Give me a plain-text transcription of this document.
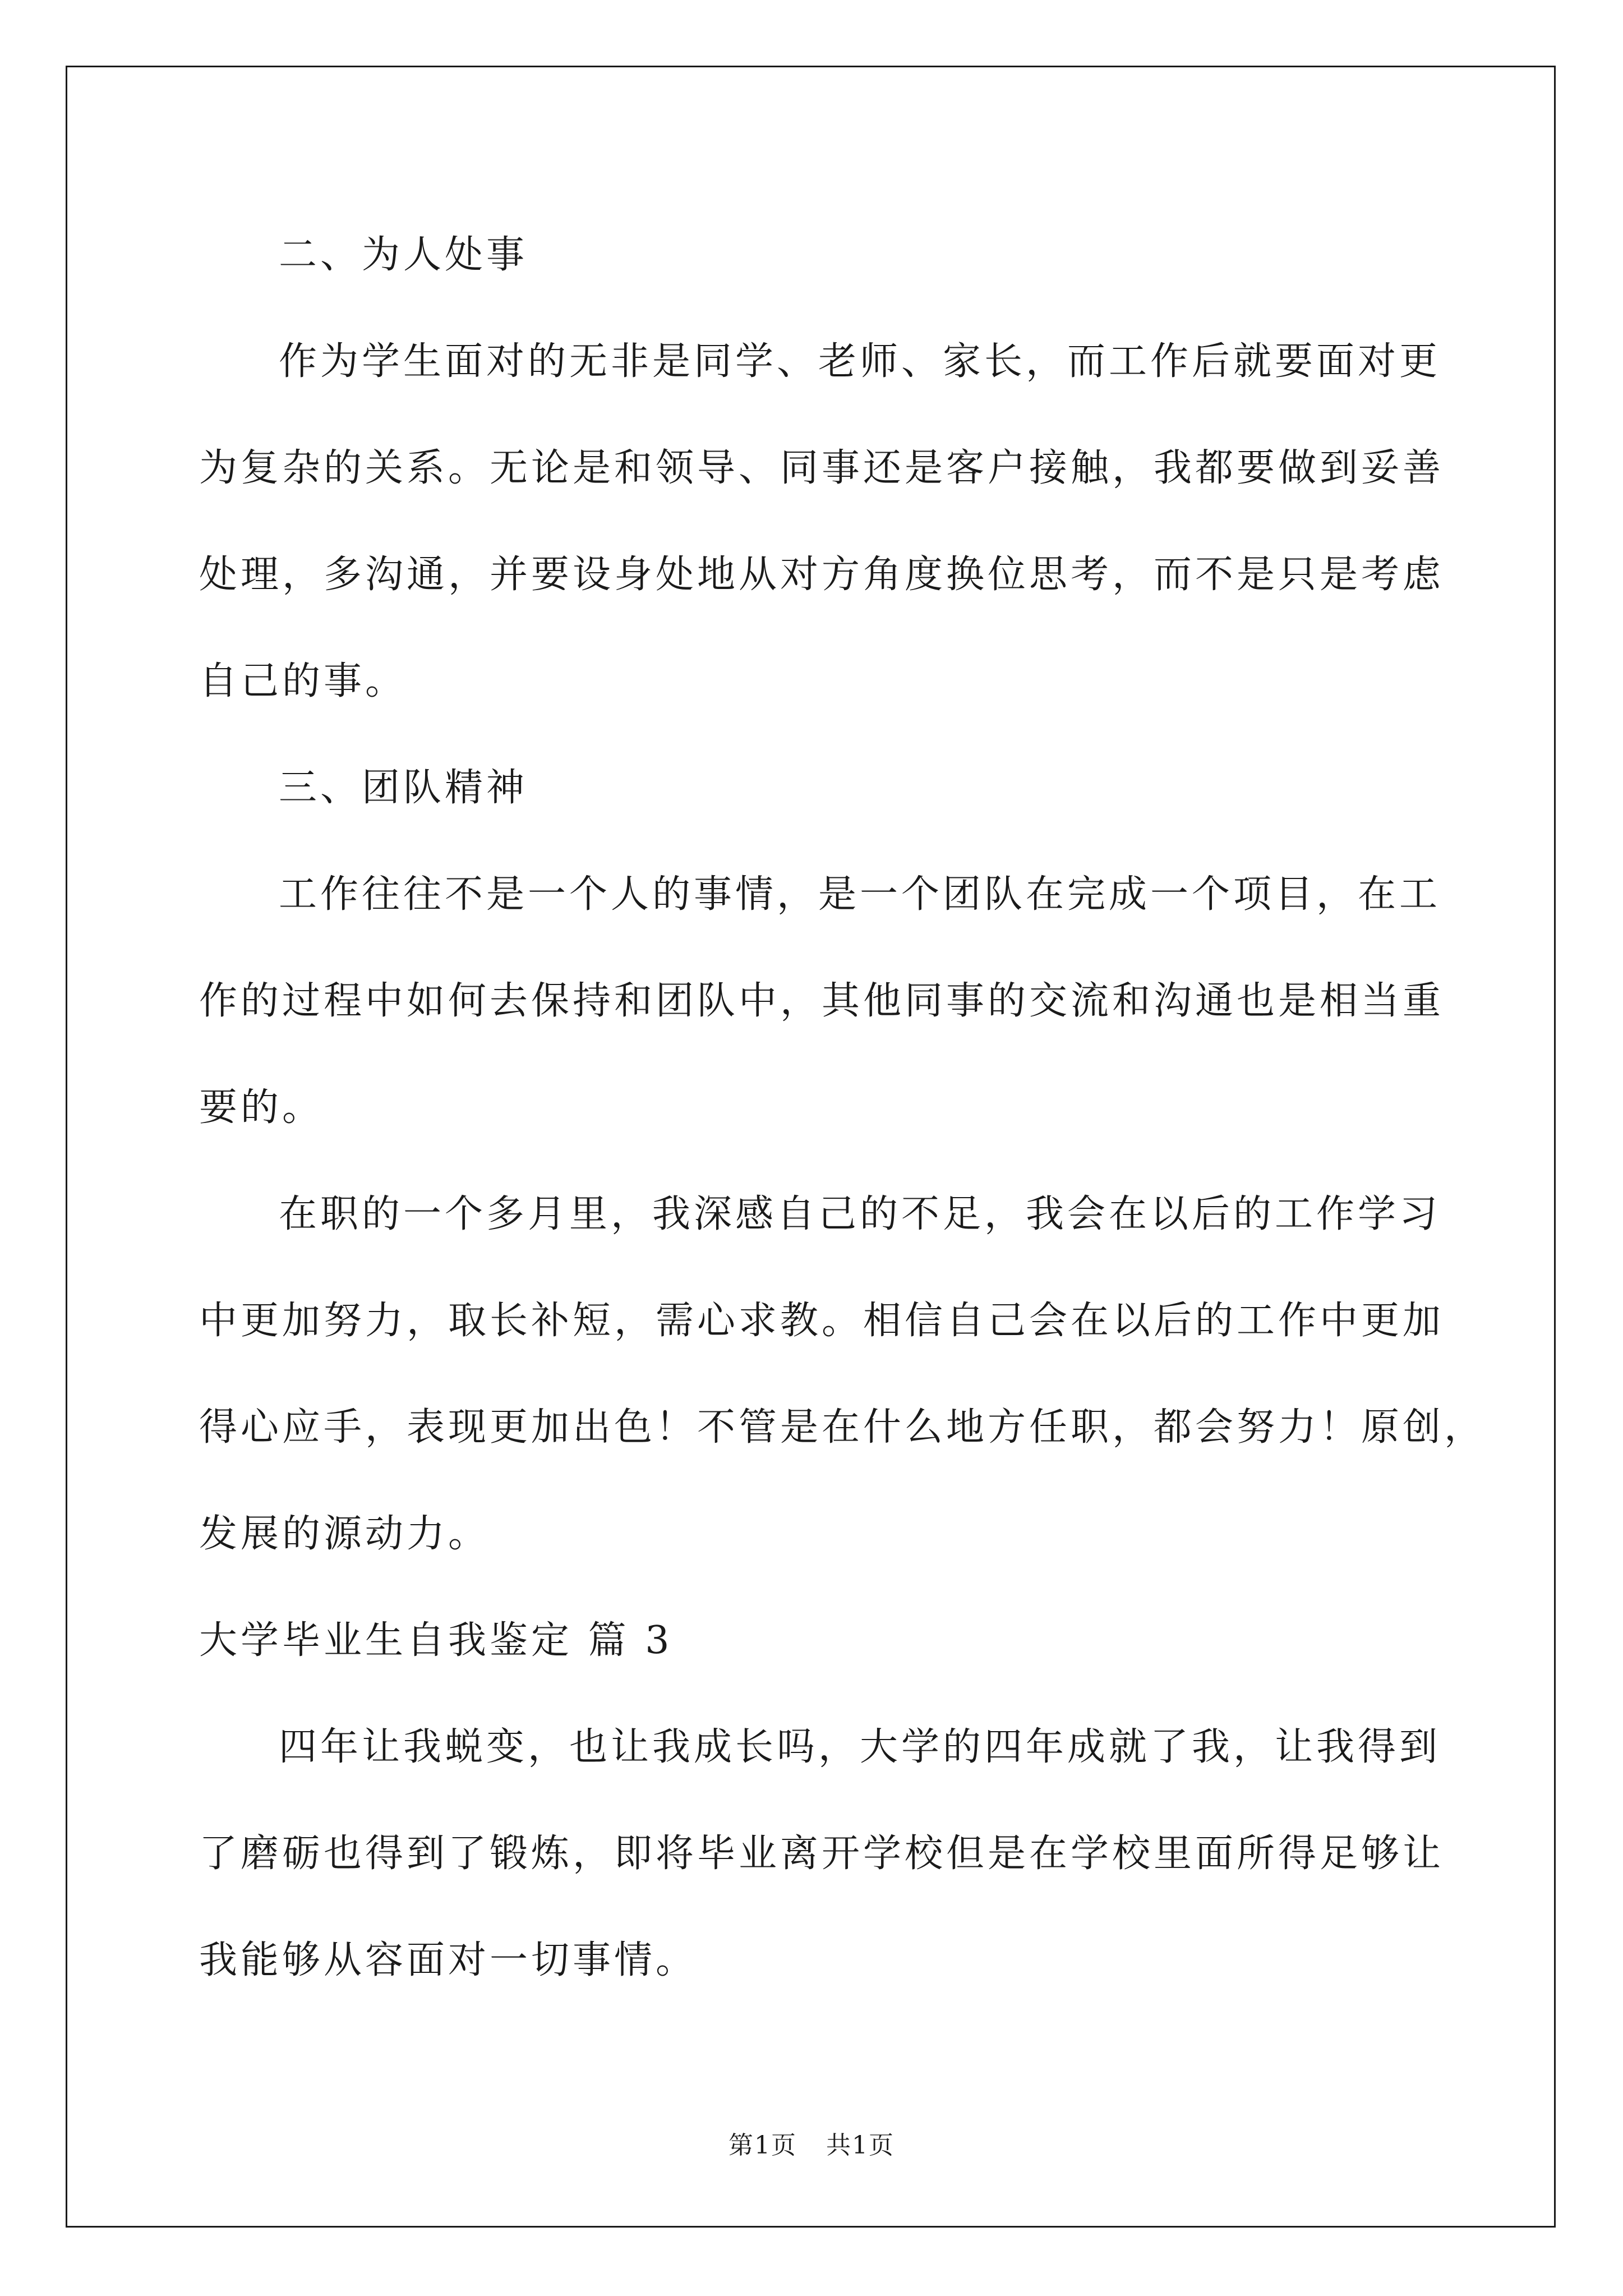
二、为人处事

作为学生面对的无非是同学、老师、家长，而工作后就要面对更
为复杂的关系。无论是和领导、同事还是客户接触，我都要做到妥善
处理，多沟通，并要设身处地从对方角度换位思考，而不是只是考虑
自己的事。

三、团队精神

工作往往不是一个人的事情，是一个团队在完成一个项目，在工
作的过程中如何去保持和团队中，其他同事的交流和沟通也是相当重
要的。
在职的一个多月里，我深感自己的不足，我会在以后的工作学习
中更加努力，取长补短，需心求教。相信自己会在以后的工作中更加
得心应手，表现更加出色！不管是在什么地方任职，都会努力！原创，
发展的源动力。

大学毕业生自我鉴定 篇 3

四年让我蜕变，也让我成长吗，大学的四年成就了我，让我得到
了磨砺也得到了锻炼，即将毕业离开学校但是在学校里面所得足够让
我能够从容面对一切事情。
第1页 共1页
